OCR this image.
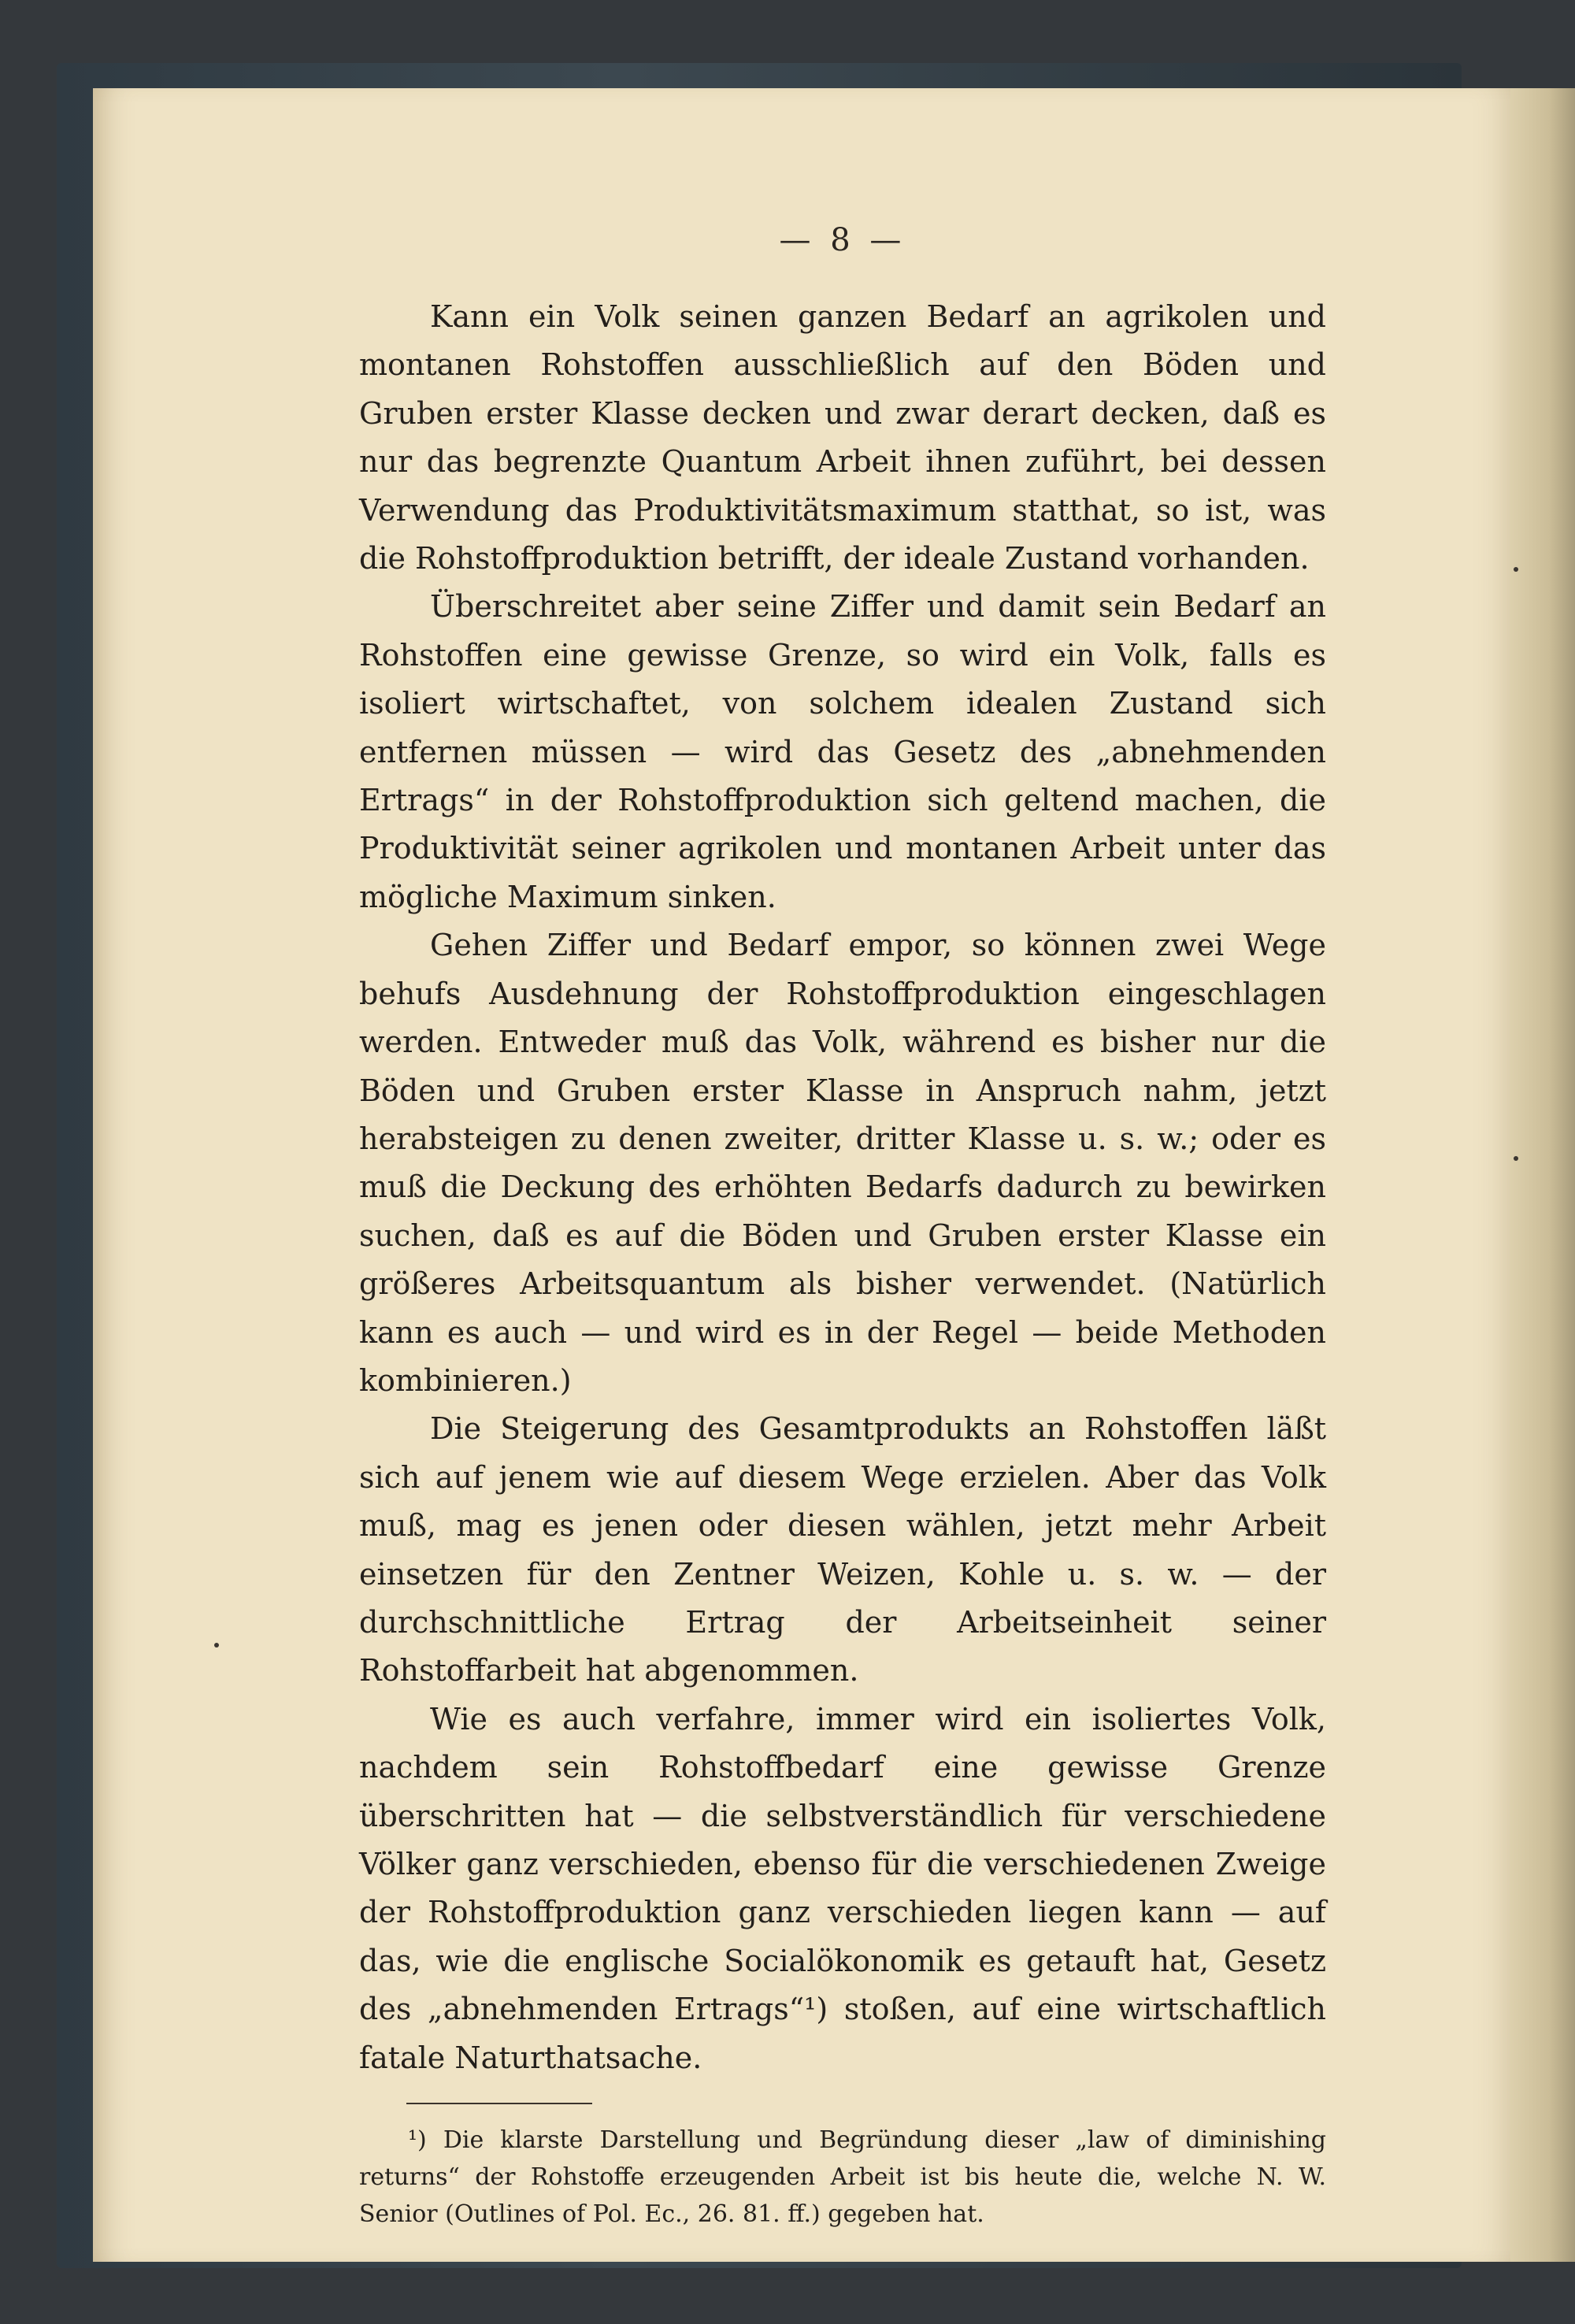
— 8 —

Kann ein Volk seinen ganzen Bedarf an agrikolen und montanen Rohstoffen ausschließlich auf den Böden und Gruben erster Klasse decken und zwar derart decken, daß es nur das begrenzte Quantum Arbeit ihnen zuführt, bei dessen Verwendung das Produktivitätsmaximum statthat, so ist, was die Rohstoffproduktion betrifft, der ideale Zustand vorhanden.

Überschreitet aber seine Ziffer und damit sein Bedarf an Rohstoffen eine gewisse Grenze, so wird ein Volk, falls es isoliert wirtschaftet, von solchem idealen Zustand sich entfernen müssen — wird das Gesetz des „abnehmenden Ertrags“ in der Rohstoffproduktion sich geltend machen, die Produktivität seiner agrikolen und montanen Arbeit unter das mögliche Maximum sinken.

Gehen Ziffer und Bedarf empor, so können zwei Wege behufs Ausdehnung der Rohstoffproduktion eingeschlagen werden. Entweder muß das Volk, während es bisher nur die Böden und Gruben erster Klasse in Anspruch nahm, jetzt herabsteigen zu denen zweiter, dritter Klasse u. s. w.; oder es muß die Deckung des erhöhten Bedarfs dadurch zu bewirken suchen, daß es auf die Böden und Gruben erster Klasse ein größeres Arbeitsquantum als bisher verwendet. (Natürlich kann es auch — und wird es in der Regel — beide Methoden kombinieren.)

Die Steigerung des Gesamtprodukts an Rohstoffen läßt sich auf jenem wie auf diesem Wege erzielen. Aber das Volk muß, mag es jenen oder diesen wählen, jetzt mehr Arbeit einsetzen für den Zentner Weizen, Kohle u. s. w. — der durchschnittliche Ertrag der Arbeitseinheit seiner Rohstoffarbeit hat abgenommen.

Wie es auch verfahre, immer wird ein isoliertes Volk, nachdem sein Rohstoffbedarf eine gewisse Grenze überschritten hat — die selbstverständlich für verschiedene Völker ganz verschieden, ebenso für die verschiedenen Zweige der Rohstoffproduktion ganz verschieden liegen kann — auf das, wie die englische Socialökonomik es getauft hat, Gesetz des „abnehmenden Ertrags“¹) stoßen, auf eine wirtschaftlich fatale Naturthatsache.

¹) Die klarste Darstellung und Begründung dieser „law of diminishing returns“ der Rohstoffe erzeugenden Arbeit ist bis heute die, welche N. W. Senior (Outlines of Pol. Ec., 26. 81. ff.) gegeben hat.
